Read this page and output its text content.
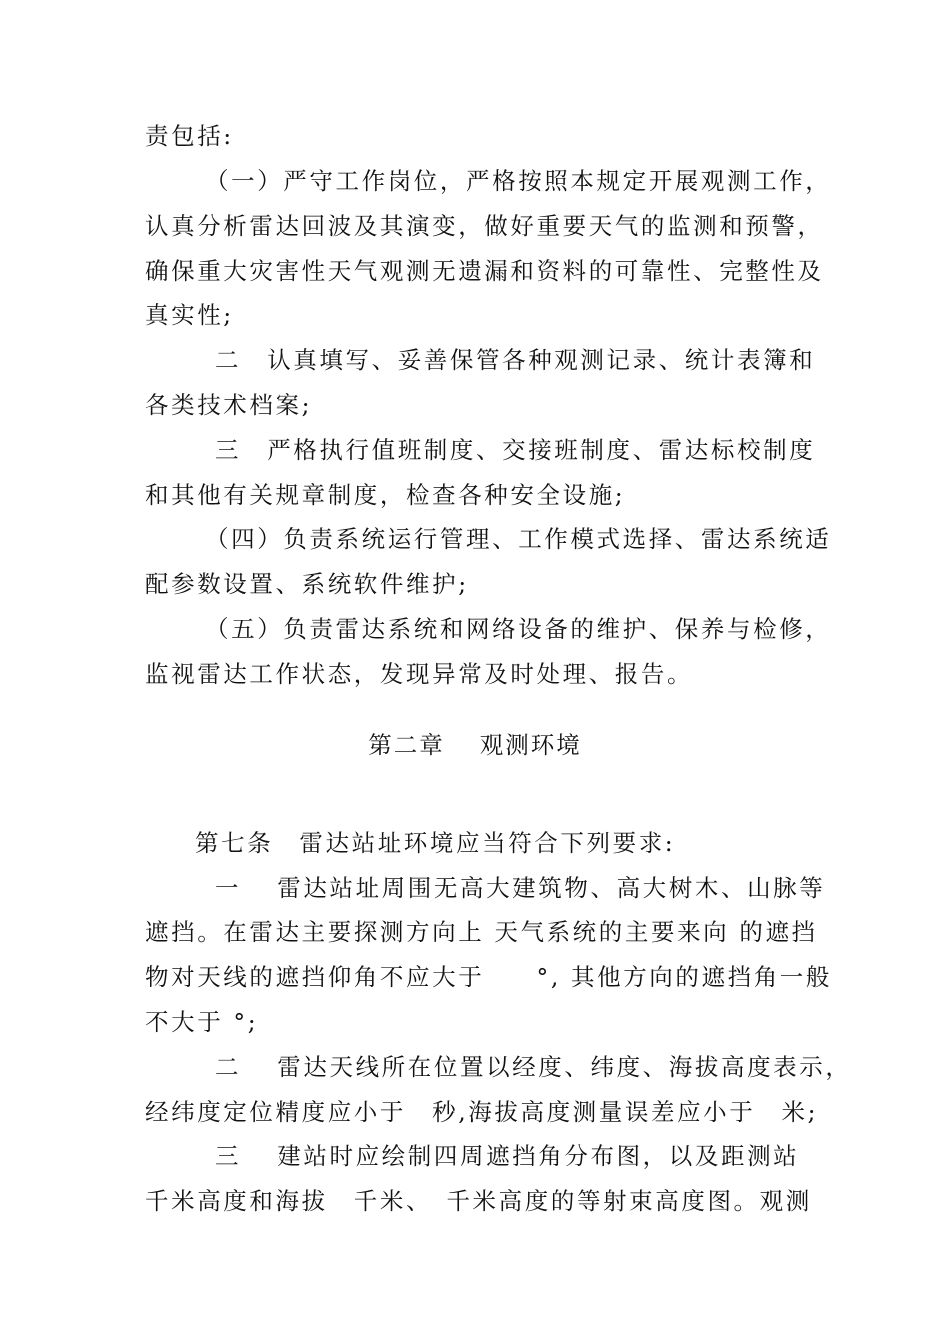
责包括:
（一）严守工作岗位，严格按照本规定开展观测工作，
认真分析雷达回波及其演变，做好重要天气的监测和预警，
确保重大灾害性天气观测无遗漏和资料的可靠性、完整性及
真实性;
二　认真填写、妥善保管各种观测记录、统计表簿和
各类技术档案;
三　严格执行值班制度、交接班制度、雷达标校制度
和其他有关规章制度，检查各种安全设施;
（四）负责系统运行管理、工作模式选择、雷达系统适
配参数设置、系统软件维护;
（五）负责雷达系统和网络设备的维护、保养与检修，
监视雷达工作状态，发现异常及时处理、报告。
第二章　 观测环境
第七条　雷达站址环境应当符合下列要求:
一　 雷达站址周围无高大建筑物、高大树木、山脉等
遮挡。在雷达主要探测方向上 天气系统的主要来向 的遮挡
物对天线的遮挡仰角不应大于　　°, 其他方向的遮挡角一般
不大于 °;
二　 雷达天线所在位置以经度、纬度、海拔高度表示，
经纬度定位精度应小于　秒,海拔高度测量误差应小于　米;
三　 建站时应绘制四周遮挡角分布图，以及距测站
千米高度和海拔　千米、　千米高度的等射束高度图。观测
